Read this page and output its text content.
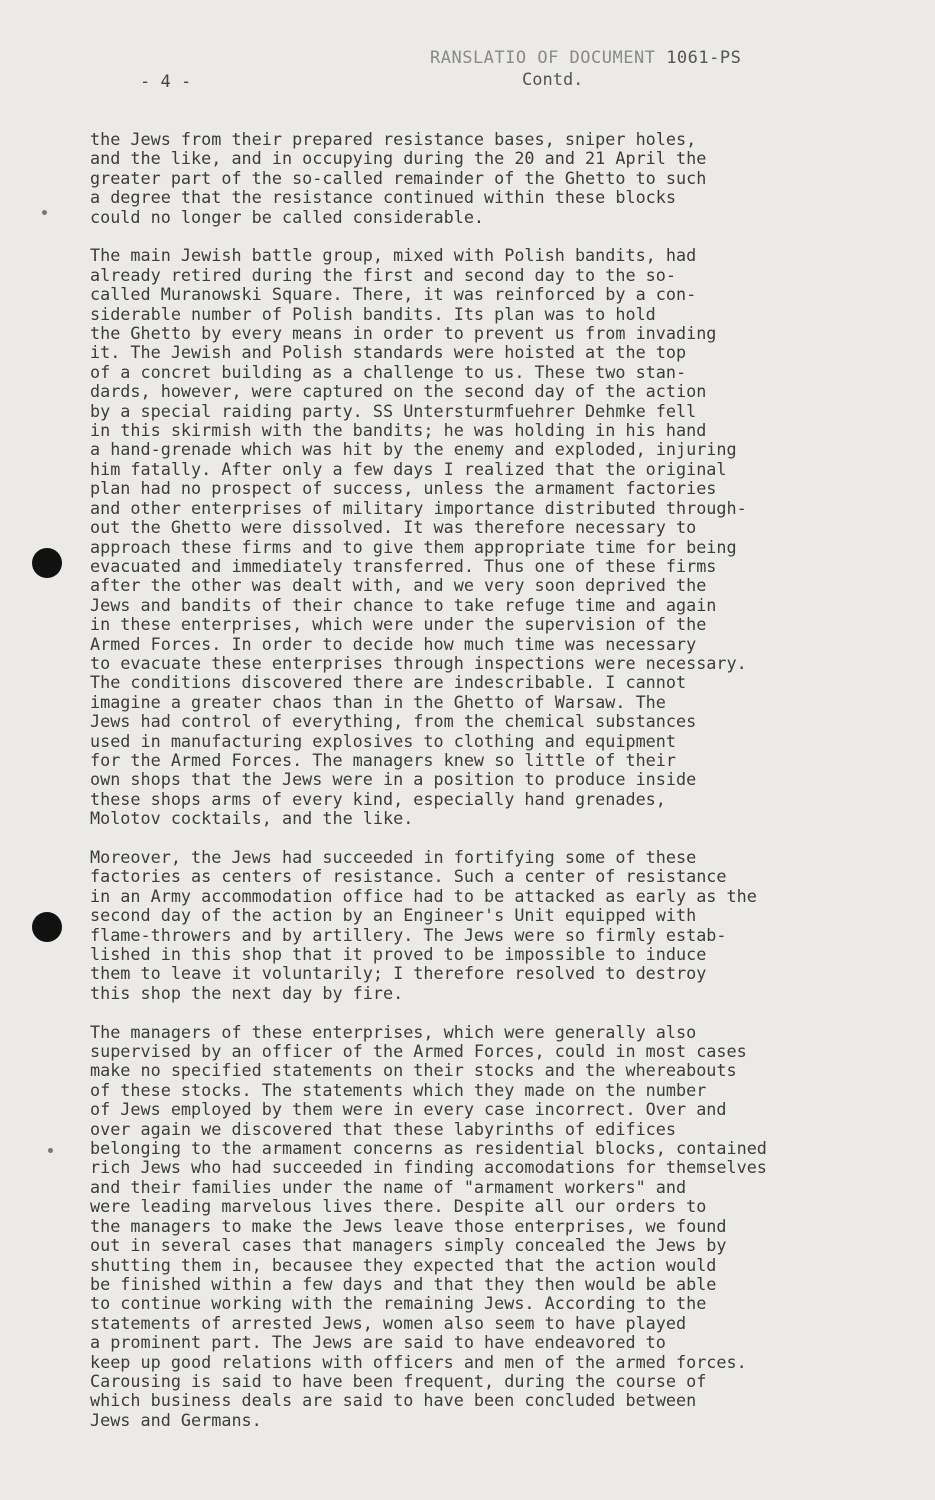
- 4 -
RANSLATIO OF DOCUMENT 1061-PS
Contd.
the Jews from their prepared resistance bases, sniper holes,
and the like, and in occupying during the 20 and 21 April the
greater part of the so-called remainder of the Ghetto to such
a degree that the resistance continued within these blocks
could no longer be called considerable.
The main Jewish battle group, mixed with Polish bandits, had
already retired during the first and second day to the so-
called Muranowski Square. There, it was reinforced by a con-
siderable number of Polish bandits. Its plan was to hold
the Ghetto by every means in order to prevent us from invading
it. The Jewish and Polish standards were hoisted at the top
of a concret building as a challenge to us. These two stan-
dards, however, were captured on the second day of the action
by a special raiding party. SS Untersturmfuehrer Dehmke fell
in this skirmish with the bandits; he was holding in his hand
a hand-grenade which was hit by the enemy and exploded, injuring
him fatally. After only a few days I realized that the original
plan had no prospect of success, unless the armament factories
and other enterprises of military importance distributed through-
out the Ghetto were dissolved. It was therefore necessary to
approach these firms and to give them appropriate time for being
evacuated and immediately transferred. Thus one of these firms
after the other was dealt with, and we very soon deprived the
Jews and bandits of their chance to take refuge time and again
in these enterprises, which were under the supervision of the
Armed Forces. In order to decide how much time was necessary
to evacuate these enterprises through inspections were necessary.
The conditions discovered there are indescribable. I cannot
imagine a greater chaos than in the Ghetto of Warsaw. The
Jews had control of everything, from the chemical substances
used in manufacturing explosives to clothing and equipment
for the Armed Forces. The managers knew so little of their
own shops that the Jews were in a position to produce inside
these shops arms of every kind, especially hand grenades,
Molotov cocktails, and the like.
Moreover, the Jews had succeeded in fortifying some of these
factories as centers of resistance. Such a center of resistance
in an Army accommodation office had to be attacked as early as the
second day of the action by an Engineer's Unit equipped with
flame-throwers and by artillery. The Jews were so firmly estab-
lished in this shop that it proved to be impossible to induce
them to leave it voluntarily; I therefore resolved to destroy
this shop the next day by fire.
The managers of these enterprises, which were generally also
supervised by an officer of the Armed Forces, could in most cases
make no specified statements on their stocks and the whereabouts
of these stocks. The statements which they made on the number
of Jews employed by them were in every case incorrect. Over and
over again we discovered that these labyrinths of edifices
belonging to the armament concerns as residential blocks, contained
rich Jews who had succeeded in finding accomodations for themselves
and their families under the name of "armament workers" and
were leading marvelous lives there. Despite all our orders to
the managers to make the Jews leave those enterprises, we found
out in several cases that managers simply concealed the Jews by
shutting them in, becausee they expected that the action would
be finished within a few days and that they then would be able
to continue working with the remaining Jews. According to the
statements of arrested Jews, women also seem to have played
a prominent part. The Jews are said to have endeavored to
keep up good relations with officers and men of the armed forces.
Carousing is said to have been frequent, during the course of
which business deals are said to have been concluded between
Jews and Germans.
